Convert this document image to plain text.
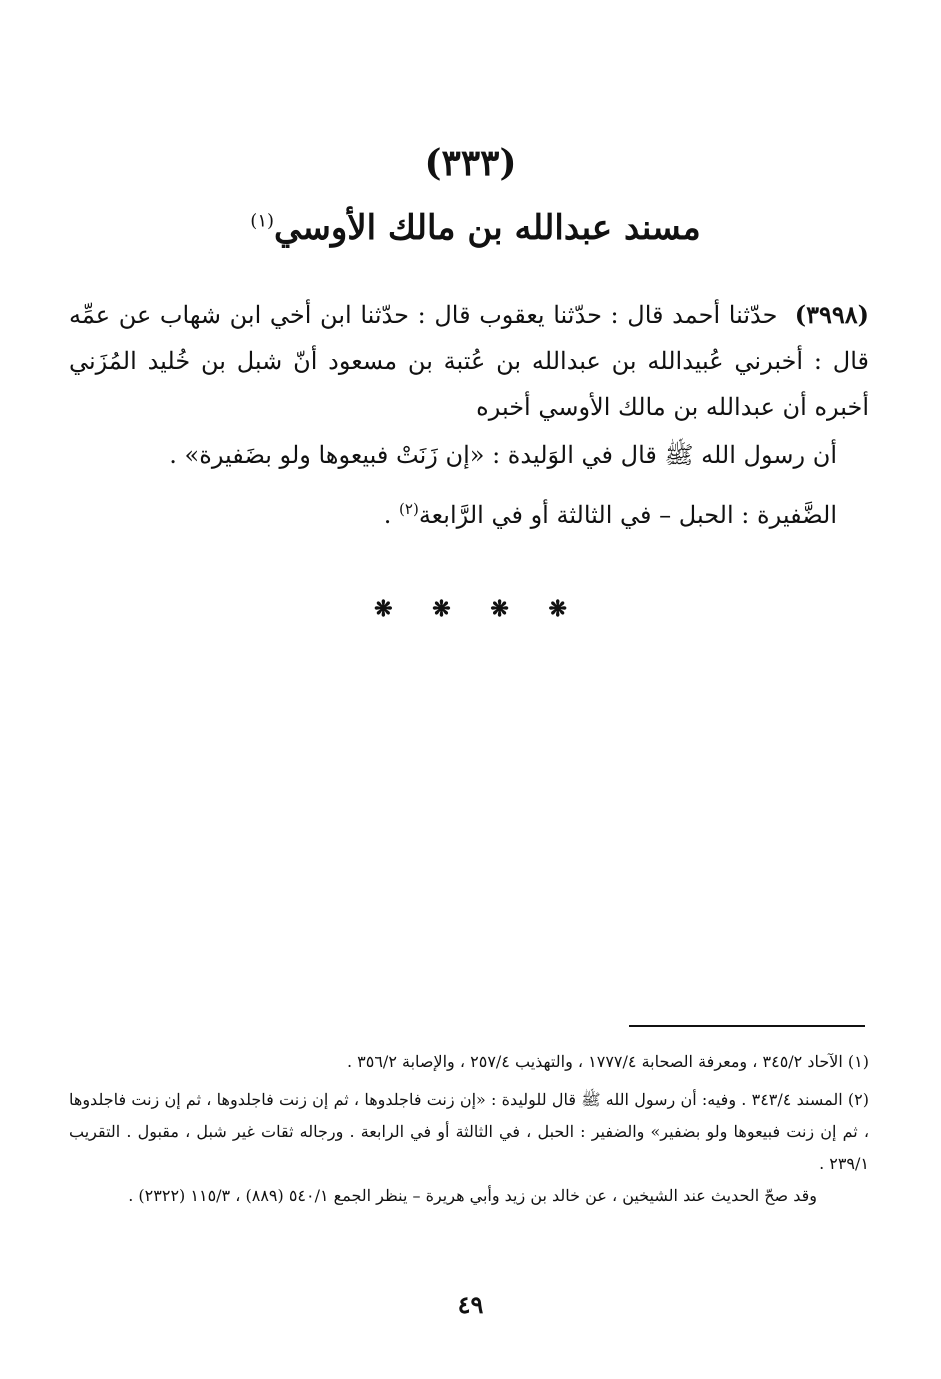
(٣٣٣)
مسند عبدالله بن مالك الأوسي$^{(١)}$

(٣٩٩٨)  حدّثنا أحمد قال : حدّثنا يعقوب قال : حدّثنا ابن أخي ابن شهاب عن عمِّه قال : أخبرني عُبيدالله بن عبدالله بن عُتبة بن مسعود أنّ شبل بن خُليد المُزَني أخبره أن عبدالله بن مالك الأوسي أخبره

أن رسول الله ﷺ قال في الوَليدة : «إن زَنَتْ فبيعوها ولو بضَفيرة» .
الضَّفيرة : الحبل – في الثالثة أو في الرَّابعة$^{(٢)}$ .
❋ ❋ ❋ ❋
(١) الآحاد ٣٤٥/٢ ، ومعرفة الصحابة ١٧٧٧/٤ ، والتهذيب ٢٥٧/٤ ، والإصابة ٣٥٦/٢ .
(٢) المسند ٣٤٣/٤ . وفيه: أن رسول الله ﷺ قال للوليدة : «إن زنت فاجلدوها ، ثم إن زنت فاجلدوها ، ثم إن زنت فاجلدوها ، ثم إن زنت فبيعوها ولو بضفير» والضفير : الحبل ، في الثالثة أو في الرابعة . ورجاله ثقات غير شبل ، مقبول . التقريب ٢٣٩/١ .

وقد صحّ الحديث عند الشيخين ، عن خالد بن زيد وأبي هريرة – ينظر الجمع ٥٤٠/١ (٨٨٩) ، ١١٥/٣ (٢٣٢٢) .

٤٩
